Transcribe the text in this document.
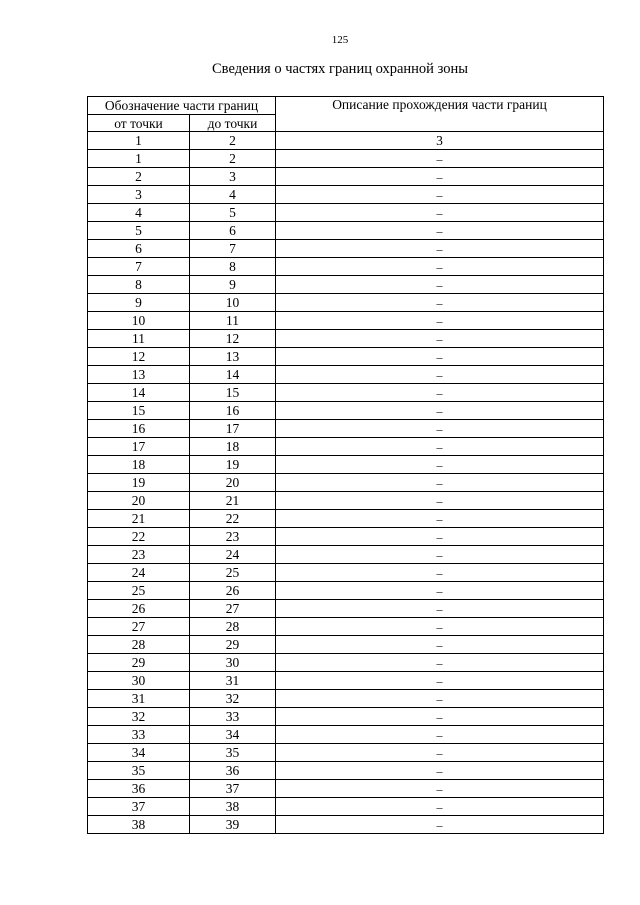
125
Сведения о частях границ охранной зоны
Обозначение части границ		Описание прохождения части границ
от точки	до точки	
1	2	3
1	2	–
2	3	–
3	4	–
4	5	–
5	6	–
6	7	–
7	8	–
8	9	–
9	10	–
10	11	–
11	12	–
12	13	–
13	14	–
14	15	–
15	16	–
16	17	–
17	18	–
18	19	–
19	20	–
20	21	–
21	22	–
22	23	–
23	24	–
24	25	–
25	26	–
26	27	–
27	28	–
28	29	–
29	30	–
30	31	–
31	32	–
32	33	–
33	34	–
34	35	–
35	36	–
36	37	–
37	38	–
38	39	–
